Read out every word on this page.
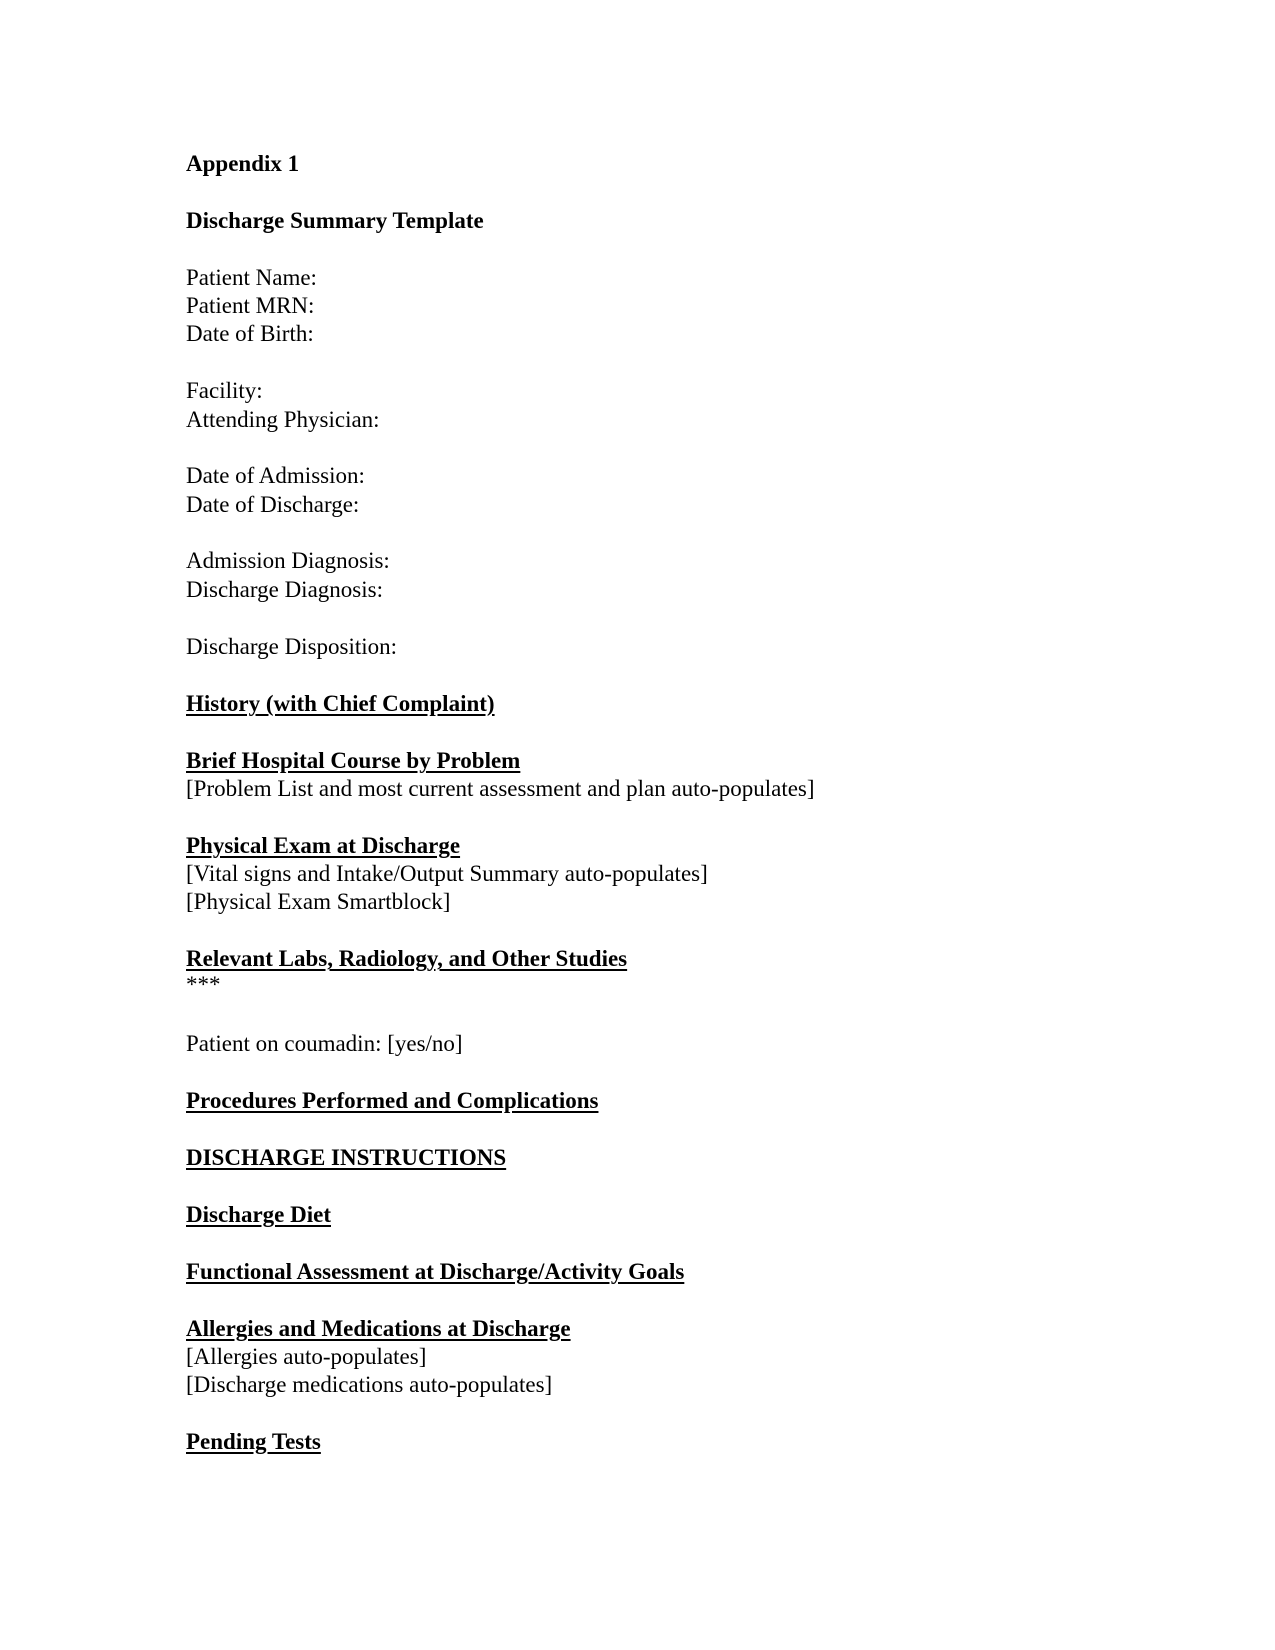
Appendix 1
Discharge Summary Template
Patient Name:
Patient MRN:
Date of Birth:
Facility:
Attending Physician:
Date of Admission:
Date of Discharge:
Admission Diagnosis:
Discharge Diagnosis:
Discharge Disposition:
History (with Chief Complaint)
Brief Hospital Course by Problem
[Problem List and most current assessment and plan auto-populates]
Physical Exam at Discharge
[Vital signs and Intake/Output Summary auto-populates]
[Physical Exam Smartblock]
Relevant Labs, Radiology, and Other Studies
***
Patient on coumadin: [yes/no]
Procedures Performed and Complications
DISCHARGE INSTRUCTIONS
Discharge Diet
Functional Assessment at Discharge/Activity Goals
Allergies and Medications at Discharge
[Allergies auto-populates]
[Discharge medications auto-populates]
Pending Tests
